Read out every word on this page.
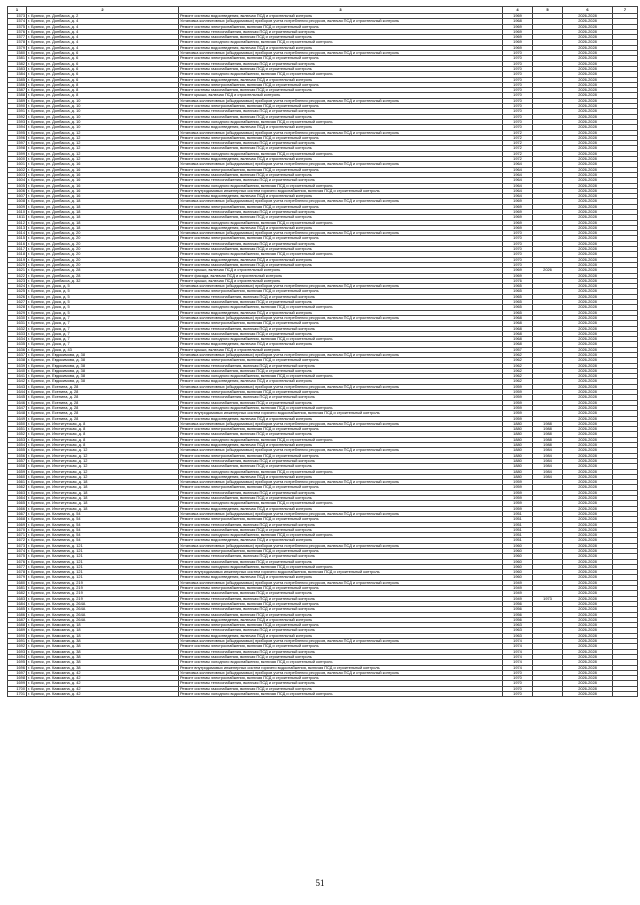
1	2	3	4	5	6	7
1573	г. Брянск, ул. Донбасса, д. 2	Ремонт системы водоотведения, включая ПСД и строительный контроль	1969		2026-2028	
1574	г. Брянск, ул. Донбасса, д. 4	Установка коллективных (общедомовых) приборов учета потребления ресурсов, включая ПСД и строительный контроль	1968		2026-2028	
1575	г. Брянск, ул. Донбасса, д. 4	Ремонт системы электроснабжения, включая ПСД и строительный контроль	1969		2026-2028	
1576	г. Брянск, ул. Донбасса, д. 4	Ремонт системы теплоснабжения, включая ПСД и строительный контроль	1969		2026-2028	
1577	г. Брянск, ул. Донбасса, д. 4	Ремонт системы газоснабжения, включая ПСД и строительный контроль	1969		2026-2028	
1578	г. Брянск, ул. Донбасса, д. 4	Ремонт системы холодного водоснабжения, включая ПСД и строительный контроль	1969		2026-2028	
1579	г. Брянск, ул. Донбасса, д. 4	Ремонт системы водоотведения, включая ПСД и строительный контроль	1969		2026-2028	
1580	г. Брянск, ул. Донбасса, д. 6	Установка коллективных (общедомовых) приборов учета потребления ресурсов, включая ПСД и строительный контроль	1970		2026-2028	
1581	г. Брянск, ул. Донбасса, д. 6	Ремонт системы электроснабжения, включая ПСД и строительный контроль	1970		2026-2028	
1582	г. Брянск, ул. Донбасса, д. 6	Ремонт системы теплоснабжения, включая ПСД и строительный контроль	1970		2026-2028	
1583	г. Брянск, ул. Донбасса, д. 6	Ремонт системы газоснабжения, включая ПСД и строительный контроль	1970		2026-2028	
1584	г. Брянск, ул. Донбасса, д. 6	Ремонт системы холодного водоснабжения, включая ПСД и строительный контроль	1970		2026-2028	
1585	г. Брянск, ул. Донбасса, д. 6	Ремонт системы водоотведения, включая ПСД и строительный контроль	1970		2026-2028	
1586	г. Брянск, ул. Донбасса, д. 8	Ремонт системы электроснабжения, включая ПСД и строительный контроль	1970		2026-2028	
1587	г. Брянск, ул. Донбасса, д. 8	Ремонт системы газоснабжения, включая ПСД и строительный контроль	1970		2026-2028	
1588	г. Брянск, ул. Донбасса, д. 8	Ремонт крыши, включая ПСД и строительный контроль	1970		2026-2028	
1589	г. Брянск, ул. Донбасса, д. 10	Установка коллективных (общедомовых) приборов учета потребления ресурсов, включая ПСД и строительный контроль	1970		2026-2028	
1590	г. Брянск, ул. Донбасса, д. 10	Ремонт системы электроснабжения, включая ПСД и строительный контроль	1970		2026-2028	
1591	г. Брянск, ул. Донбасса, д. 10	Ремонт системы теплоснабжения, включая ПСД и строительный контроль	1970		2026-2028	
1592	г. Брянск, ул. Донбасса, д. 10	Ремонт системы газоснабжения, включая ПСД и строительный контроль	1970		2026-2028	
1593	г. Брянск, ул. Донбасса, д. 10	Ремонт системы холодного водоснабжения, включая ПСД и строительный контроль	1970		2026-2028	
1594	г. Брянск, ул. Донбасса, д. 10	Ремонт системы водоотведения, включая ПСД и строительный контроль	1970		2026-2028	
1595	г. Брянск, ул. Донбасса, д. 12	Установка коллективных (общедомовых) приборов учета потребления ресурсов, включая ПСД и строительный контроль	1972		2026-2028	
1596	г. Брянск, ул. Донбасса, д. 12	Ремонт системы электроснабжения, включая ПСД и строительный контроль	1972		2026-2028	
1597	г. Брянск, ул. Донбасса, д. 12	Ремонт системы теплоснабжения, включая ПСД и строительный контроль	1972		2026-2028	
1598	г. Брянск, ул. Донбасса, д. 12	Ремонт системы газоснабжения, включая ПСД и строительный контроль	1972		2026-2028	
1599	г. Брянск, ул. Донбасса, д. 12	Ремонт системы холодного водоснабжения, включая ПСД и строительный контроль	1972		2026-2028	
1600	г. Брянск, ул. Донбасса, д. 12	Ремонт системы водоотведения, включая ПСД и строительный контроль	1972		2026-2028	
1601	г. Брянск, ул. Донбасса, д. 16	Установка коллективных (общедомовых) приборов учета потребления ресурсов, включая ПСД и строительный контроль	1964		2026-2028	
1602	г. Брянск, ул. Донбасса, д. 16	Ремонт системы электроснабжения, включая ПСД и строительный контроль	1964		2026-2028	
1603	г. Брянск, ул. Донбасса, д. 16	Ремонт системы газоснабжения, включая ПСД и строительный контроль	1964		2026-2028	
1604	г. Брянск, ул. Донбасса, д. 16	Ремонт системы теплоснабжения, включая ПСД и строительный контроль	1964		2026-2028	
1605	г. Брянск, ул. Донбасса, д. 16	Ремонт системы холодного водоснабжения, включая ПСД и строительный контроль	1964		2026-2028	
1606	г. Брянск, ул. Донбасса, д. 16	Ремонт внутридомовых инженерных систем горячего водоснабжения, включая ПСД и строительный контроль	1964		2026-2028	
1607	г. Брянск, ул. Донбасса, д. 16	Ремонт системы водоотведения, включая ПСД и строительный контроль	1964		2026-2028	
1608	г. Брянск, ул. Донбасса, д. 18	Установка коллективных (общедомовых) приборов учета потребления ресурсов, включая ПСД и строительный контроль	1969		2026-2028	
1609	г. Брянск, ул. Донбасса, д. 18	Ремонт системы электроснабжения, включая ПСД и строительный контроль	1969		2026-2028	
1610	г. Брянск, ул. Донбасса, д. 18	Ремонт системы теплоснабжения, включая ПСД и строительный контроль	1969		2026-2028	
1611	г. Брянск, ул. Донбасса, д. 18	Ремонт системы газоснабжения, включая ПСД и строительный контроль	1969		2026-2028	
1612	г. Брянск, ул. Донбасса, д. 18	Ремонт системы холодного водоснабжения, включая ПСД и строительный контроль	1969		2026-2028	
1613	г. Брянск, ул. Донбасса, д. 18	Ремонт системы водоотведения, включая ПСД и строительный контроль	1969		2026-2028	
1614	г. Брянск, ул. Донбасса, д. 20	Установка коллективных (общедомовых) приборов учета потребления ресурсов, включая ПСД и строительный контроль	1970		2026-2028	
1615	г. Брянск, ул. Донбасса, д. 20	Ремонт системы электроснабжения, включая ПСД и строительный контроль	1970		2026-2028	
1616	г. Брянск, ул. Донбасса, д. 20	Ремонт системы теплоснабжения, включая ПСД и строительный контроль	1970		2026-2028	
1617	г. Брянск, ул. Донбасса, д. 20	Ремонт системы газоснабжения, включая ПСД и строительный контроль	1970		2026-2028	
1618	г. Брянск, ул. Донбасса, д. 20	Ремонт системы холодного водоснабжения, включая ПСД и строительный контроль	1970		2026-2028	
1619	г. Брянск, ул. Донбасса, д. 20	Ремонт системы водоотведения, включая ПСД и строительный контроль	1970		2026-2028	
1620	г. Брянск, ул. Донбасса, д. 20	Ремонт системы газоснабжения, включая ПСД и строительный контроль	1970		2026-2028	
1621	г. Брянск, ул. Донбасса, д. 28	Ремонт крыши, включая ПСД и строительный контроль	1969	2026	2026-2028	
1622	г. Брянск, ул. Донбасса, д. 28	Ремонт фасада, включая ПСД и строительный контроль	1969		2026-2028	
1623	г. Брянск, ул. Донбасса, д. 32	Ремонт крыши, включая ПСД и строительный контроль	1976		2026-2028	
1624	г. Брянск, ул. Дока, д. 5	Установка коллективных (общедомовых) приборов учета потребления ресурсов, включая ПСД и строительный контроль	1965		2026-2028	
1625	г. Брянск, ул. Дока, д. 5	Ремонт системы электроснабжения, включая ПСД и строительный контроль	1965		2026-2028	
1626	г. Брянск, ул. Дока, д. 5	Ремонт системы теплоснабжения, включая ПСД и строительный контроль	1965		2026-2028	
1627	г. Брянск, ул. Дока, д. 5	Ремонт системы газоснабжения, включая ПСД и строительный контроль	1965		2026-2028	
1628	г. Брянск, ул. Дока, д. 5	Ремонт системы холодного водоснабжения, включая ПСД и строительный контроль	1965		2026-2028	
1629	г. Брянск, ул. Дока, д. 5	Ремонт системы водоотведения, включая ПСД и строительный контроль	1965		2026-2028	
1630	г. Брянск, ул. Дока, д. 7	Установка коллективных (общедомовых) приборов учета потребления ресурсов, включая ПСД и строительный контроль	1968		2026-2028	
1631	г. Брянск, ул. Дока, д. 7	Ремонт системы электроснабжения, включая ПСД и строительный контроль	1968		2026-2028	
1632	г. Брянск, ул. Дока, д. 7	Ремонт системы теплоснабжения, включая ПСД и строительный контроль	1968		2026-2028	
1633	г. Брянск, ул. Дока, д. 7	Ремонт системы газоснабжения, включая ПСД и строительный контроль	1968		2026-2028	
1634	г. Брянск, ул. Дока, д. 7	Ремонт системы холодного водоснабжения, включая ПСД и строительный контроль	1968		2026-2028	
1635	г. Брянск, ул. Дока, д. 7	Ремонт системы водоотведения, включая ПСД и строительный контроль	1968		2026-2028	
1636	г. Брянск, ул. Дока, д. 43	Ремонт крыши, включая ПСД и строительный контроль	1957		2026-2028	
1637	г. Брянск, ул. Евдокимова, д. 38	Установка коллективных (общедомовых) приборов учета потребления ресурсов, включая ПСД и строительный контроль	1962		2026-2028	
1638	г. Брянск, ул. Евдокимова, д. 38	Ремонт системы электроснабжения, включая ПСД и строительный контроль	1962		2026-2028	
1639	г. Брянск, ул. Евдокимова, д. 38	Ремонт системы теплоснабжения, включая ПСД и строительный контроль	1962		2026-2028	
1640	г. Брянск, ул. Евдокимова, д. 38	Ремонт системы газоснабжения, включая ПСД и строительный контроль	1962		2026-2028	
1641	г. Брянск, ул. Евдокимова, д. 38	Ремонт системы холодного водоснабжения, включая ПСД и строительный контроль	1962		2026-2028	
1642	г. Брянск, ул. Евдокимова, д. 38	Ремонт системы водоотведения, включая ПСД и строительный контроль	1962		2026-2028	
1643	г. Брянск, ул. Есенина, д. 28	Установка коллективных (общедомовых) приборов учета потребления ресурсов, включая ПСД и строительный контроль	1959		2026-2028	
1644	г. Брянск, ул. Есенина, д. 28	Ремонт системы электроснабжения, включая ПСД и строительный контроль	1959		2026-2028	
1645	г. Брянск, ул. Есенина, д. 28	Ремонт системы теплоснабжения, включая ПСД и строительный контроль	1959		2026-2028	
1646	г. Брянск, ул. Есенина, д. 28	Ремонт системы газоснабжения, включая ПСД и строительный контроль	1959		2026-2028	
1647	г. Брянск, ул. Есенина, д. 28	Ремонт системы холодного водоснабжения, включая ПСД и строительный контроль	1959		2026-2028	
1648	г. Брянск, ул. Есенина, д. 28	Ремонт внутридомовых инженерных систем горячего водоснабжения, включая ПСД и строительный контроль	1959		2026-2028	
1649	г. Брянск, ул. Есенина, д. 28	Ремонт системы водоотведения, включая ПСД и строительный контроль	1959		2026-2028	
1650	г. Брянск, ул. Институтская, д. 8	Установка коллективных (общедомовых) приборов учета потребления ресурсов, включая ПСД и строительный контроль	1880	1988	2026-2028	
1651	г. Брянск, ул. Институтская, д. 8	Ремонт системы электроснабжения, включая ПСД и строительный контроль	1880	1988	2026-2028	
1652	г. Брянск, ул. Институтская, д. 8	Ремонт системы газоснабжения, включая ПСД и строительный контроль	1880	1988	2026-2028	
1653	г. Брянск, ул. Институтская, д. 8	Ремонт системы холодного водоснабжения, включая ПСД и строительный контроль	1880	1988	2026-2028	
1654	г. Брянск, ул. Институтская, д. 8	Ремонт системы водоотведения, включая ПСД и строительный контроль	1880	1988	2026-2028	
1655	г. Брянск, ул. Институтская, д. 12	Установка коллективных (общедомовых) приборов учета потребления ресурсов, включая ПСД и строительный контроль	1880	1984	2026-2028	
1656	г. Брянск, ул. Институтская, д. 12	Ремонт системы электроснабжения, включая ПСД и строительный контроль	1880	1984	2026-2028	
1657	г. Брянск, ул. Институтская, д. 12	Ремонт системы теплоснабжения, включая ПСД и строительный контроль	1880	1984	2026-2028	
1658	г. Брянск, ул. Институтская, д. 12	Ремонт системы газоснабжения, включая ПСД и строительный контроль	1880	1984	2026-2028	
1659	г. Брянск, ул. Институтская, д. 12	Ремонт системы холодного водоснабжения, включая ПСД и строительный контроль	1880	1984	2026-2028	
1660	г. Брянск, ул. Институтская, д. 12	Ремонт системы водоотведения, включая ПСД и строительный контроль	1880	1984	2026-2028	
1661	г. Брянск, ул. Институтская, д. 18	Установка коллективных (общедомовых) приборов учета потребления ресурсов, включая ПСД и строительный контроль	1959		2026-2028	
1662	г. Брянск, ул. Институтская, д. 18	Ремонт системы электроснабжения, включая ПСД и строительный контроль	1959		2026-2028	
1663	г. Брянск, ул. Институтская, д. 18	Ремонт системы теплоснабжения, включая ПСД и строительный контроль	1959		2026-2028	
1664	г. Брянск, ул. Институтская, д. 18	Ремонт системы газоснабжения, включая ПСД и строительный контроль	1959		2026-2028	
1665	г. Брянск, ул. Институтская, д. 18	Ремонт системы холодного водоснабжения, включая ПСД и строительный контроль	1959		2026-2028	
1666	г. Брянск, ул. Институтская, д. 18	Ремонт системы водоотведения, включая ПСД и строительный контроль	1959		2026-2028	
1667	г. Брянск, ул. Калинина, д. 54	Установка коллективных (общедомовых) приборов учета потребления ресурсов, включая ПСД и строительный контроль	1951		2026-2028	
1668	г. Брянск, ул. Калинина, д. 54	Ремонт системы электроснабжения, включая ПСД и строительный контроль	1951		2026-2028	
1669	г. Брянск, ул. Калинина, д. 54	Ремонт системы теплоснабжения, включая ПСД и строительный контроль	1951		2026-2028	
1670	г. Брянск, ул. Калинина, д. 54	Ремонт системы газоснабжения, включая ПСД и строительный контроль	1951		2026-2028	
1671	г. Брянск, ул. Калинина, д. 54	Ремонт системы холодного водоснабжения, включая ПСД и строительный контроль	1951		2026-2028	
1672	г. Брянск, ул. Калинина, д. 54	Ремонт системы водоотведения, включая ПСД и строительный контроль	1951		2026-2028	
1673	г. Брянск, ул. Калинина, д. 121	Установка коллективных (общедомовых) приборов учета потребления ресурсов, включая ПСД и строительный контроль	1960		2026-2028	
1674	г. Брянск, ул. Калинина, д. 121	Ремонт системы электроснабжения, включая ПСД и строительный контроль	1960		2026-2028	
1675	г. Брянск, ул. Калинина, д. 121	Ремонт системы теплоснабжения, включая ПСД и строительный контроль	1960		2026-2028	
1676	г. Брянск, ул. Калинина, д. 121	Ремонт системы газоснабжения, включая ПСД и строительный контроль	1960		2026-2028	
1677	г. Брянск, ул. Калинина, д. 121	Ремонт системы холодного водоснабжения, включая ПСД и строительный контроль	1960		2026-2028	
1678	г. Брянск, ул. Калинина, д. 121	Ремонт внутридомовых инженерных систем горячего водоснабжения, включая ПСД и строительный контроль	1960		2026-2028	
1679	г. Брянск, ул. Калинина, д. 121	Ремонт системы водоотведения, включая ПСД и строительный контроль	1960		2026-2028	
1680	г. Брянск, ул. Калинина, д. 219	Установка коллективных (общедомовых) приборов учета потребления ресурсов, включая ПСД и строительный контроль	1949		2026-2028	
1681	г. Брянск, ул. Калинина, д. 219	Ремонт системы электроснабжения, включая ПСД и строительный контроль	1949		2026-2028	
1682	г. Брянск, ул. Калинина, д. 219	Ремонт системы газоснабжения, включая ПСД и строительный контроль	1949		2026-2028	
1683	г. Брянск, ул. Калинина, д. 219	Ремонт системы теплоснабжения, включая ПСД и строительный контроль	1949	1973	2026-2028	
1684	г. Брянск, ул. Калинина, д. 264А	Ремонт системы электроснабжения, включая ПСД и строительный контроль	1956		2026-2028	
1685	г. Брянск, ул. Калинина, д. 264А	Ремонт системы теплоснабжения, включая ПСД и строительный контроль	1956		2026-2028	
1686	г. Брянск, ул. Калинина, д. 264А	Ремонт системы газоснабжения, включая ПСД и строительный контроль	1956		2026-2028	
1687	г. Брянск, ул. Калинина, д. 264А	Ремонт системы водоотведения, включая ПСД и строительный контроль	1956		2026-2028	
1688	г. Брянск, ул. Камозина, д. 18	Ремонт системы электроснабжения, включая ПСД и строительный контроль	1963		2026-2028	
1689	г. Брянск, ул. Камозина, д. 18	Ремонт системы теплоснабжения, включая ПСД и строительный контроль	1963		2026-2028	
1690	г. Брянск, ул. Камозина, д. 18	Ремонт системы водоотведения, включая ПСД и строительный контроль	1963		2026-2028	
1691	г. Брянск, ул. Камозина, д. 38	Установка коллективных (общедомовых) приборов учета потребления ресурсов, включая ПСД и строительный контроль	1974		2026-2028	
1692	г. Брянск, ул. Камозина, д. 38	Ремонт системы электроснабжения, включая ПСД и строительный контроль	1974		2026-2028	
1693	г. Брянск, ул. Камозина, д. 38	Ремонт системы теплоснабжения, включая ПСД и строительный контроль	1974		2026-2028	
1694	г. Брянск, ул. Камозина, д. 38	Ремонт системы газоснабжения, включая ПСД и строительный контроль	1974		2026-2028	
1695	г. Брянск, ул. Камозина, д. 38	Ремонт системы холодного водоснабжения, включая ПСД и строительный контроль	1974		2026-2028	
1696	г. Брянск, ул. Камозина, д. 38	Ремонт внутридомовых инженерных систем горячего водоснабжения, включая ПСД и строительный контроль	1974		2026-2028	
1697	г. Брянск, ул. Камозина, д. 42	Установка коллективных (общедомовых) приборов учета потребления ресурсов, включая ПСД и строительный контроль	1970		2026-2028	
1698	г. Брянск, ул. Камозина, д. 42	Ремонт системы электроснабжения, включая ПСД и строительный контроль	1970		2026-2028	
1699	г. Брянск, ул. Камозина, д. 42	Ремонт системы теплоснабжения, включая ПСД и строительный контроль	1970		2026-2028	
1700	г. Брянск, ул. Камозина, д. 42	Ремонт системы газоснабжения, включая ПСД и строительный контроль	1970		2026-2028	
1701	г. Брянск, ул. Камозина, д. 42	Ремонт системы холодного водоснабжения, включая ПСД и строительный контроль	1970		2026-2028	
51
